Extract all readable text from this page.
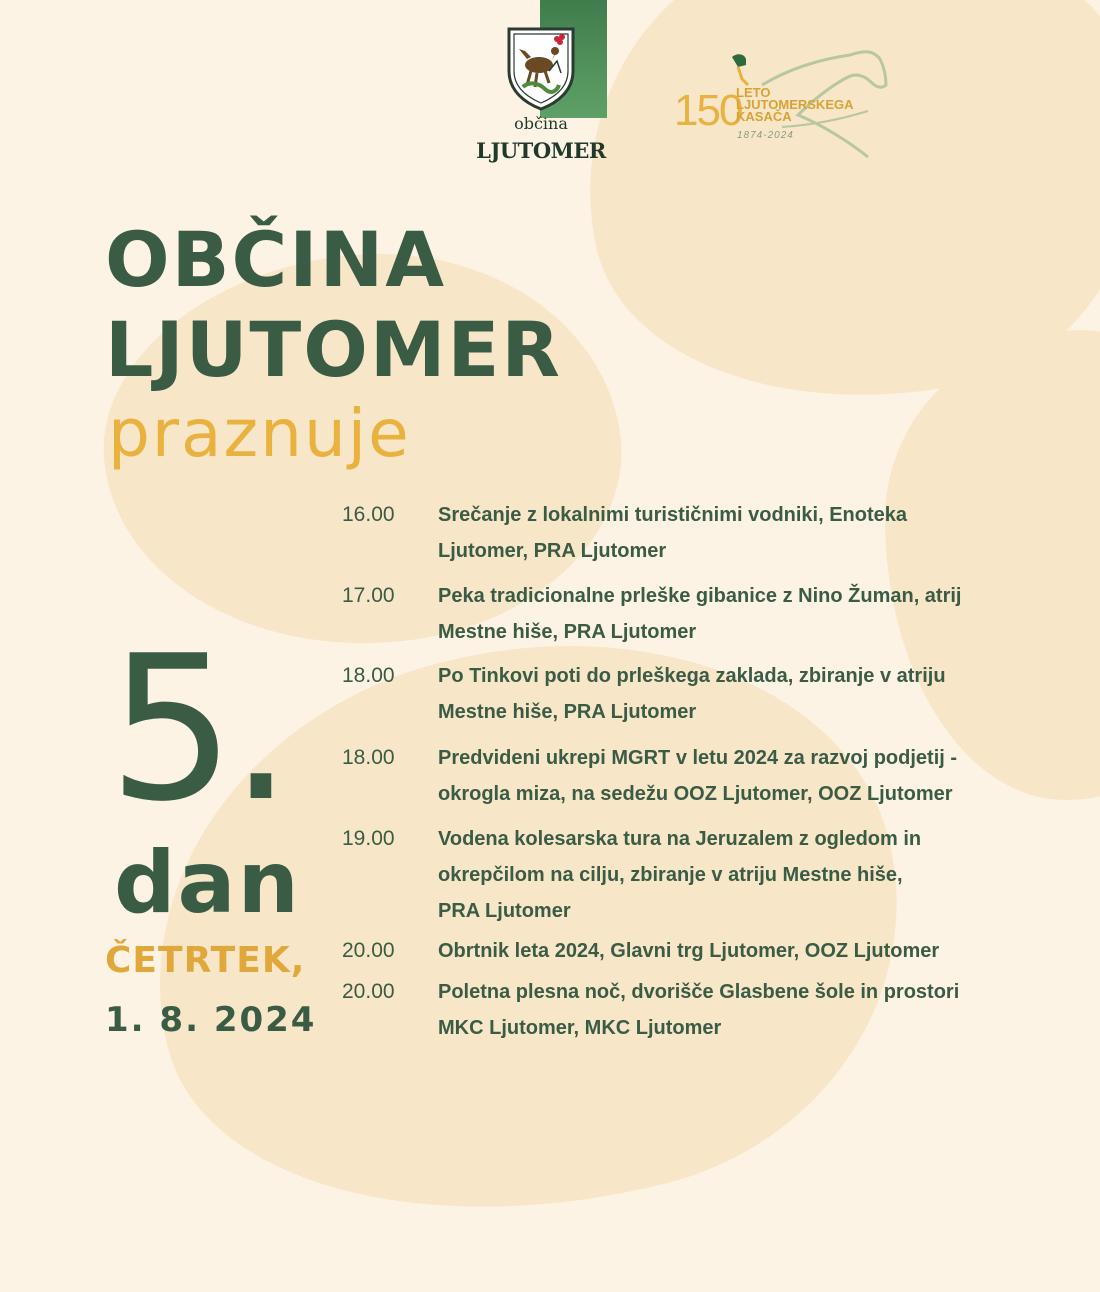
občina
LJUTOMER
150
LETO
LJUTOMERSKEGA
KASAČA
1874-2024
OBČINA
LJUTOMER
praznuje
5.
dan
ČETRTEK,
1. 8. 2024
16.00	Srečanje z lokalnimi turističnimi vodniki, Enoteka
Ljutomer, PRA Ljutomer
17.00	Peka tradicionalne prleške gibanice z Nino Žuman, atrij
Mestne hiše, PRA Ljutomer
18.00	Po Tinkovi poti do prleškega zaklada, zbiranje v atriju
Mestne hiše, PRA Ljutomer
18.00	Predvideni ukrepi MGRT v letu 2024 za razvoj podjetij -
okrogla miza, na sedežu OOZ Ljutomer, OOZ Ljutomer
19.00	Vodena kolesarska tura na Jeruzalem z ogledom in
okrepčilom na cilju, zbiranje v atriju Mestne hiše,
PRA Ljutomer
20.00	Obrtnik leta 2024, Glavni trg Ljutomer, OOZ Ljutomer
20.00	Poletna plesna noč, dvorišče Glasbene šole in prostori
MKC Ljutomer, MKC Ljutomer
